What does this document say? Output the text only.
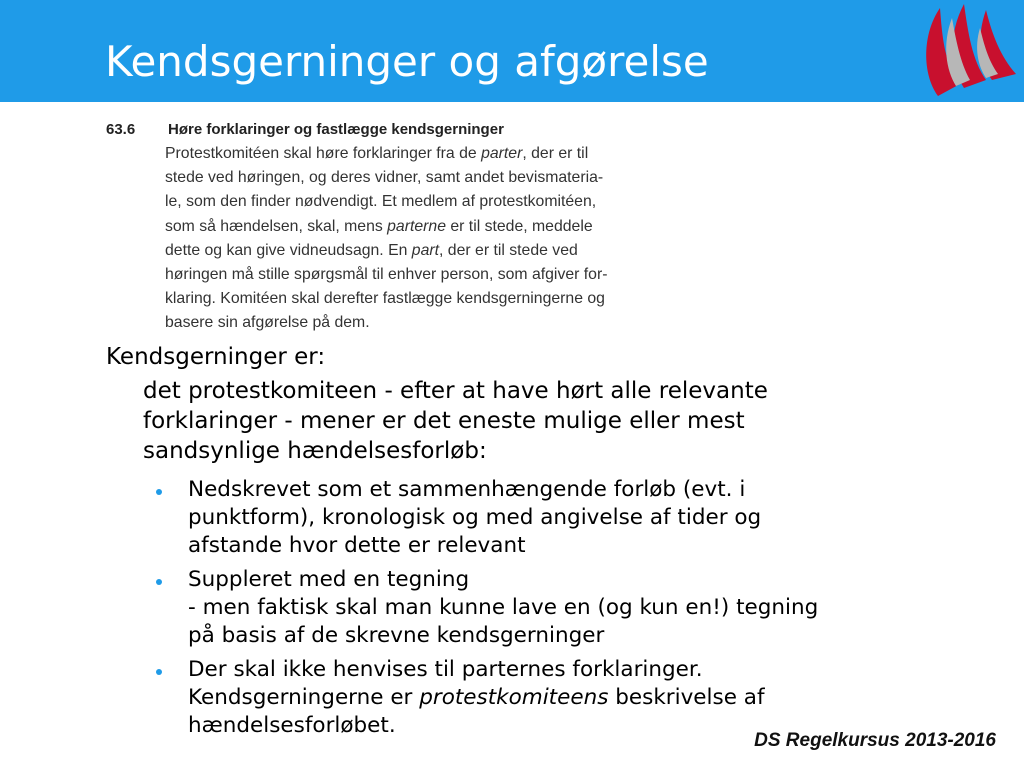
Kendsgerninger og afgørelse
63.6	Høre forklaringer og fastlægge kendsgerninger
Protestkomitéen skal høre forklaringer fra de parter, der er til
stede ved høringen, og deres vidner, samt andet bevismateria-
le, som den finder nødvendigt. Et medlem af protestkomitéen,
som så hændelsen, skal, mens parterne er til stede, meddele
dette og kan give vidneudsagn. En part, der er til stede ved
høringen må stille spørgsmål til enhver person, som afgiver for-
klaring. Komitéen skal derefter fastlægge kendsgerningerne og
basere sin afgørelse på dem.
Kendsgerninger er:
det protestkomiteen - efter at have hørt alle relevante
forklaringer - mener er det eneste mulige eller mest
sandsynlige hændelsesforløb:
Nedskrevet som et sammenhængende forløb (evt. i
punktform), kronologisk og med angivelse af tider og
afstande hvor dette er relevant
Suppleret med en tegning
- men faktisk skal man kunne lave en (og kun en!) tegning
på basis af de skrevne kendsgerninger
Der skal ikke henvises til parternes forklaringer.
Kendsgerningerne er protestkomiteens beskrivelse af
hændelsesforløbet.
DS Regelkursus 2013-2016
